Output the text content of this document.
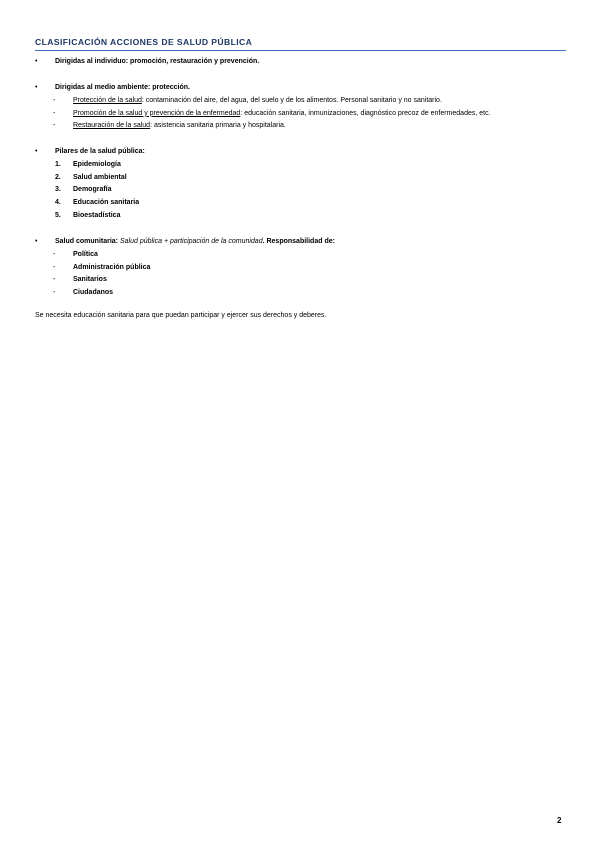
CLASIFICACIÓN ACCIONES DE SALUD PÚBLICA
•	Dirigidas al individuo: promoción, restauración y prevención.
•	Dirigidas al medio ambiente: protección.
-	Protección de la salud: contaminación del aire, del agua, del suelo y de los alimentos. Personal sanitario y no sanitario.
-	Promoción de la salud y prevención de la enfermedad: educación sanitaria, inmunizaciones, diagnóstico precoz de enfermedades, etc.
-	Restauración de la salud: asistencia sanitaria primaria y hospitalaria.
•	Pilares de la salud pública:
1.	Epidemiología
2.	Salud ambiental
3.	Demografía
4.	Educación sanitaria
5.	Bioestadística
•	Salud comunitaria: Salud pública + participación de la comunidad. Responsabilidad de:
-	Política
-	Administración pública
-	Sanitarios
-	Ciudadanos
Se necesita educación sanitaria para que puedan participar y ejercer sus derechos y deberes.
2
